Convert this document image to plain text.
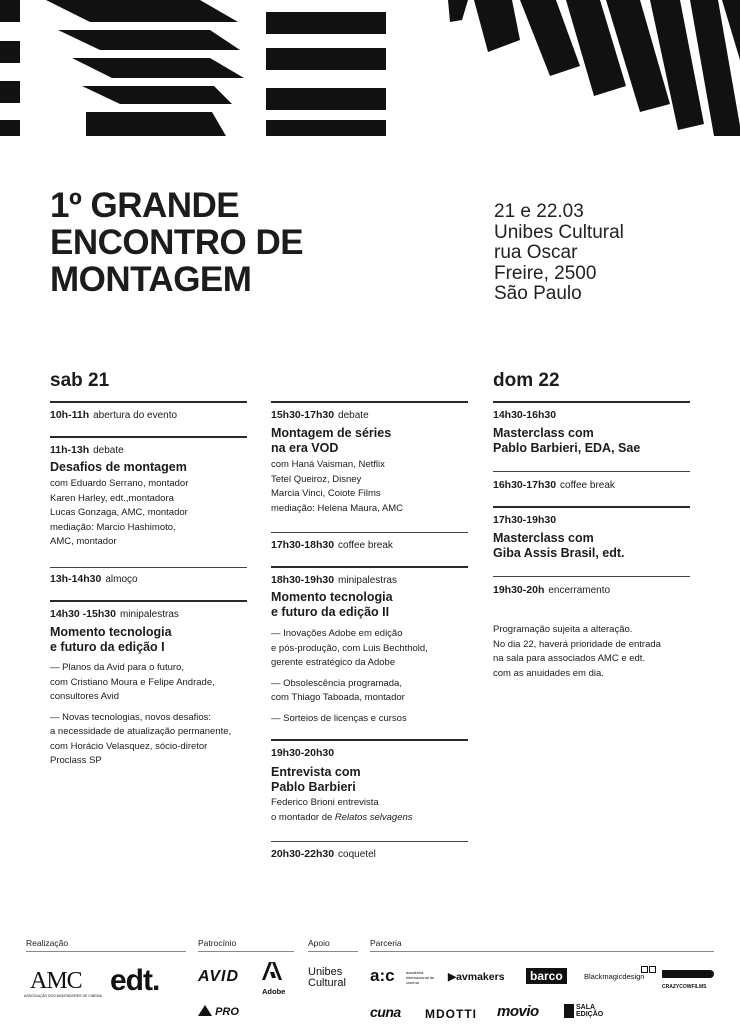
1º GRANDE
ENCONTRO DE
MONTAGEM
21 e 22.03
Unibes Cultural
rua Oscar
Freire, 2500
São Paulo
sab 21
10h-11h abertura do evento
11h-13h debate
Desafios de montagem
com Eduardo Serrano, montador
Karen Harley, edt.,montadora
Lucas Gonzaga, AMC, montador
mediação: Marcio Hashimoto,
AMC, montador
13h-14h30 almoço
14h30 -15h30 minipalestras
Momento tecnologia
e futuro da edição I
— Planos da Avid para o futuro,
com Cristiano Moura e Felipe Andrade,
consultores Avid
— Novas tecnologias, novos desafios:
a necessidade de atualização permanente,
com Horácio Velasquez, sócio-diretor
Proclass SP
15h30-17h30 debate
Montagem de séries
na era VOD
com Haná Vaisman, Netflix
Tetel Queiroz, Disney
Marcia Vinci, Coiote Films
mediação: Helena Maura, AMC
17h30-18h30 coffee break
18h30-19h30 minipalestras
Momento tecnologia
e futuro da edição II
— Inovações Adobe em edição
e pós-produção, com Luis Bechthold,
gerente estratégico da Adobe
— Obsolescência programada,
com Thiago Taboada, montador
— Sorteios de licenças e cursos
19h30-20h30
Entrevista com
Pablo Barbieri
Federico Brioni entrevista
o montador de Relatos selvagens
20h30-22h30 coquetel
dom 22
14h30-16h30
Masterclass com
Pablo Barbieri, EDA, Sae
16h30-17h30 coffee break
17h30-19h30
Masterclass com
Giba Assis Brasil, edt.
19h30-20h encerramento
Programação sujeita a alteração.
No dia 22, haverá prioridade de entrada
na sala para associados AMC e edt.
com as anuidades em dia.
Realização	Patrocínio	Apoio	Parceria
AMC
ASSOCIAÇÃO DOS MONTADORES DE CINEMA edt. AVID
Adobe
PRO
Unibes
Cultural a:c	academia internacional de cinema	▶avmakers	barco	Blackmagicdesign
CRAZYCOWFILMS
cuna MDOTTI movio
	SALA
EDIÇÃO
